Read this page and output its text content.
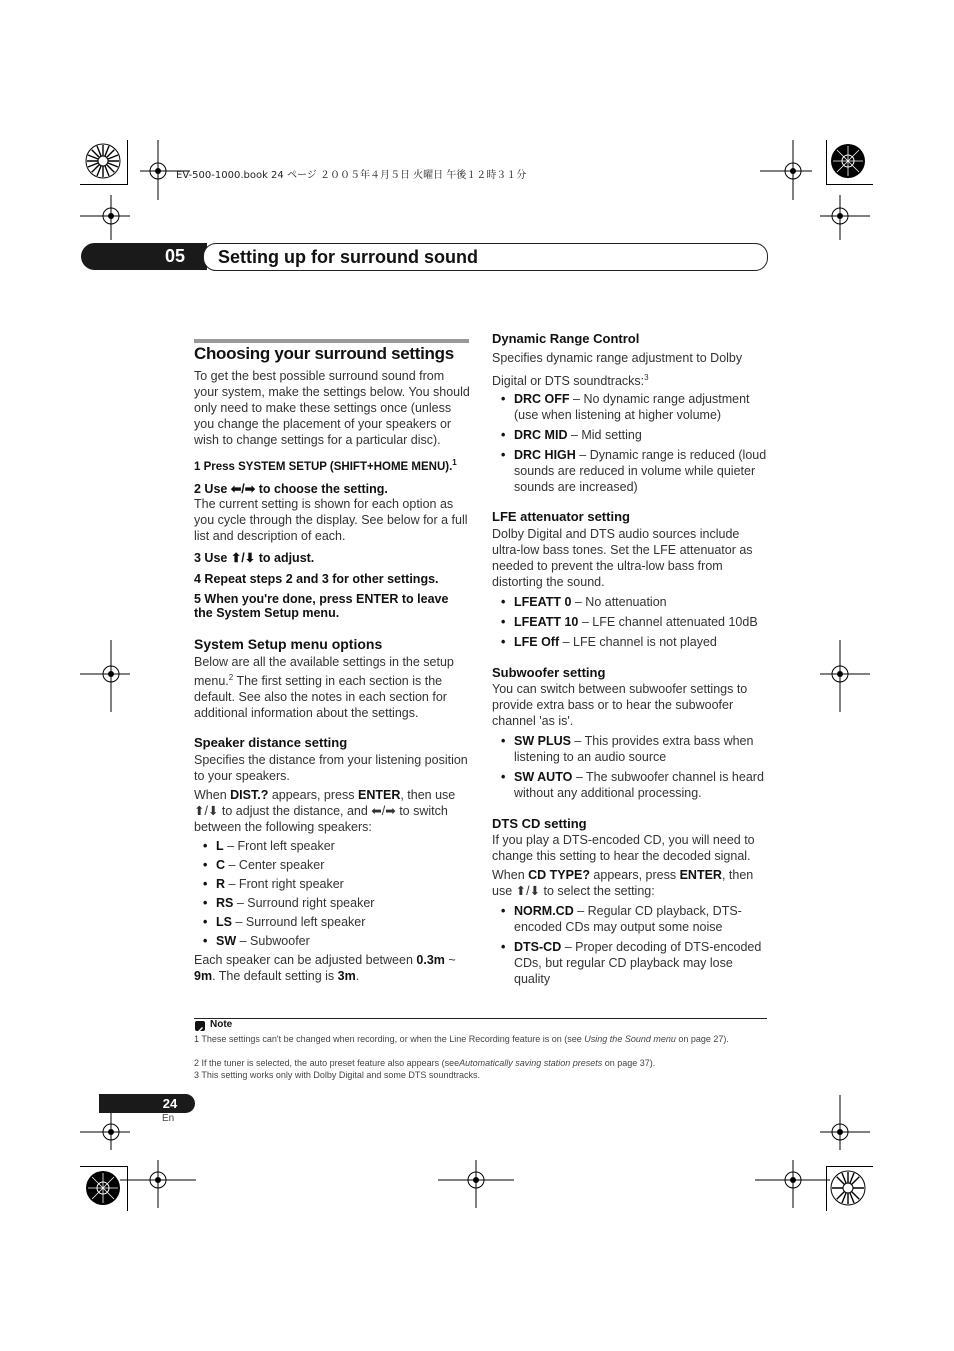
EV-500-1000.book 24 ページ ２００５年４月５日 火曜日 午後１２時３１分
05	Setting up for surround sound
Choosing your surround settings

To get the best possible surround sound from your system, make the settings below. You should only need to make these settings once (unless you change the placement of your speakers or wish to change settings for a particular disc).

1 Press SYSTEM SETUP (SHIFT+HOME MENU).$^1$
2 Use ⬅/➡ to choose the setting.

The current setting is shown for each option as you cycle through the display. See below for a full list and description of each.

3 Use ⬆/⬇ to adjust.
4 Repeat steps 2 and 3 for other settings.
5 When you're done, press ENTER to leave the System Setup menu.
System Setup menu options

Below are all the available settings in the setup menu.$^2$ The first setting in each section is the default. See also the notes in each section for additional information about the settings.

Speaker distance setting

Specifies the distance from your listening position to your speakers.

When DIST.? appears, press ENTER, then use ⬆/⬇ to adjust the distance, and ⬅/➡ to switch between the following speakers:

• L – Front left speaker
• C – Center speaker
• R – Front right speaker
• RS – Surround right speaker
• LS – Surround left speaker
• SW – Subwoofer

Each speaker can be adjusted between 0.3m ~ 9m. The default setting is 3m.

Dynamic Range Control

Specifies dynamic range adjustment to Dolby Digital or DTS soundtracks:$^3$

• DRC OFF – No dynamic range adjustment (use when listening at higher volume)
• DRC MID – Mid setting
• DRC HIGH – Dynamic range is reduced (loud sounds are reduced in volume while quieter sounds are increased)
LFE attenuator setting

Dolby Digital and DTS audio sources include ultra-low bass tones. Set the LFE attenuator as needed to prevent the ultra-low bass from distorting the sound.

• LFEATT 0 – No attenuation
• LFEATT 10 – LFE channel attenuated 10dB
• LFE Off – LFE channel is not played
Subwoofer setting

You can switch between subwoofer settings to provide extra bass or to hear the subwoofer channel 'as is'.

• SW PLUS – This provides extra bass when listening to an audio source
• SW AUTO – The subwoofer channel is heard without any additional processing.
DTS CD setting

If you play a DTS-encoded CD, you will need to change this setting to hear the decoded signal.

When CD TYPE? appears, press ENTER, then use ⬆/⬇ to select the setting:

• NORM.CD – Regular CD playback, DTS-encoded CDs may output some noise
• DTS-CD – Proper decoding of DTS-encoded CDs, but regular CD playback may lose quality
Note
1 These settings can't be changed when recording, or when the Line Recording feature is on (see Using the Sound menu on page 27).
2 If the tuner is selected, the auto preset feature also appears (seeAutomatically saving station presets on page 37).
3 This setting works only with Dolby Digital and some DTS soundtracks.
24
En
